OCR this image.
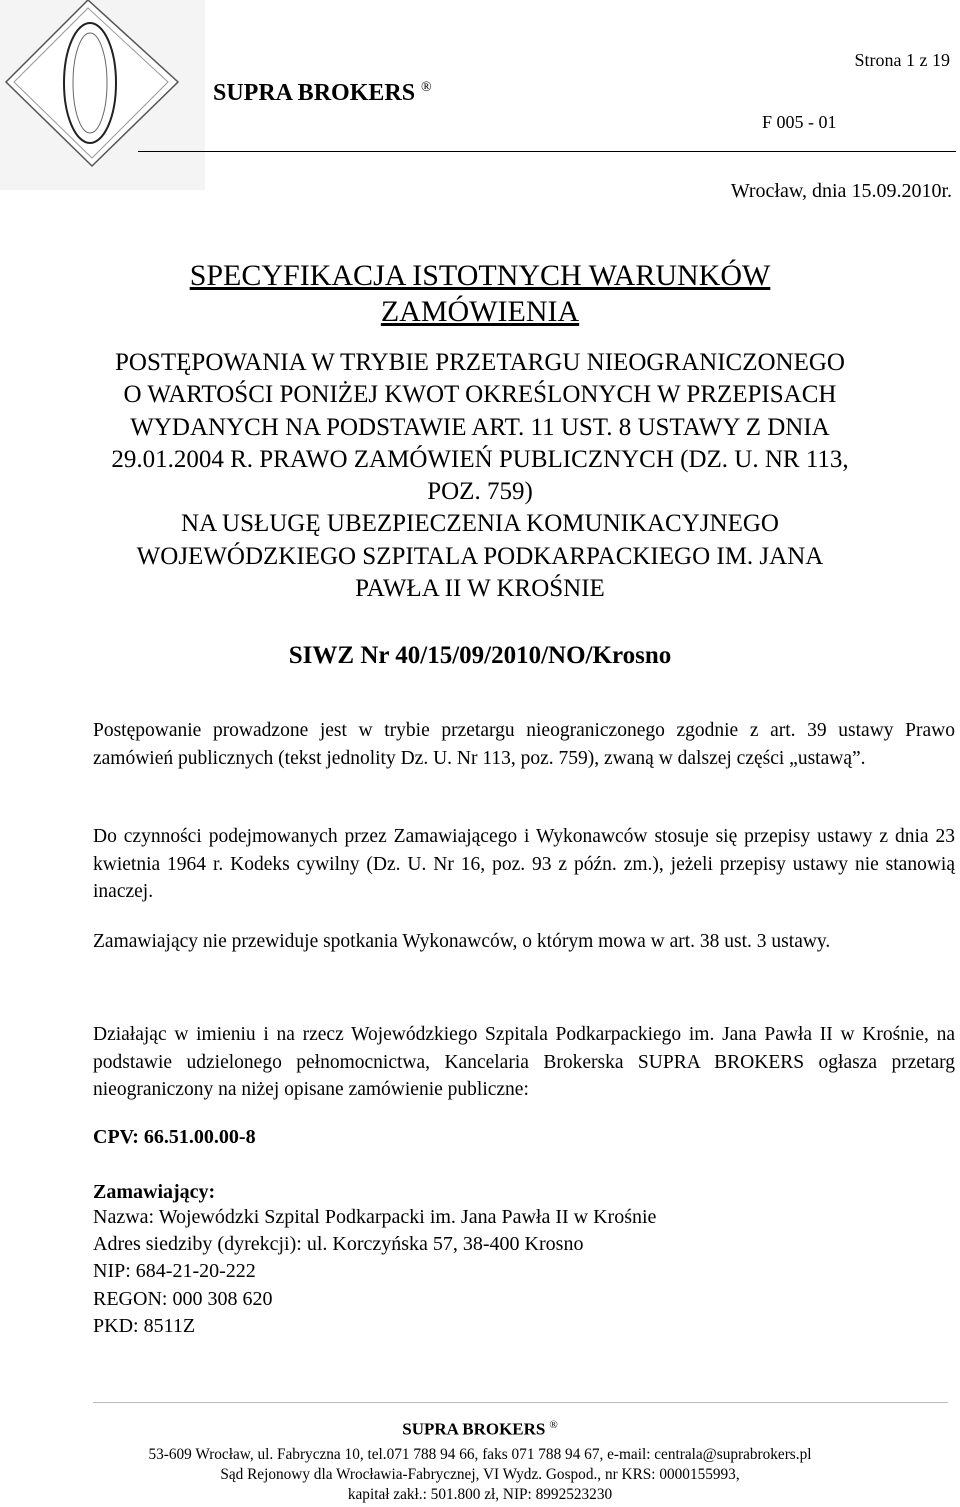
SUPRA BROKERS ®
Strona 1 z 19
F 005 - 01
Wrocław, dnia 15.09.2010r.
SPECYFIKACJA ISTOTNYCH WARUNKÓW
ZAMÓWIENIA
POSTĘPOWANIA W TRYBIE PRZETARGU NIEOGRANICZONEGO
O WARTOŚCI PONIŻEJ KWOT OKREŚLONYCH W PRZEPISACH
WYDANYCH NA PODSTAWIE ART. 11 UST. 8 USTAWY Z DNIA
29.01.2004 R. PRAWO ZAMÓWIEŃ PUBLICZNYCH (DZ. U. NR 113,
POZ. 759)
NA USŁUGĘ UBEZPIECZENIA KOMUNIKACYJNEGO
WOJEWÓDZKIEGO SZPITALA PODKARPACKIEGO IM. JANA
PAWŁA II W KROŚNIE
SIWZ Nr 40/15/09/2010/NO/Krosno
Postępowanie prowadzone jest w trybie przetargu nieograniczonego zgodnie z art. 39 ustawy Prawo zamówień publicznych (tekst jednolity Dz. U. Nr 113, poz. 759), zwaną w dalszej części „ustawą”.
Do czynności podejmowanych przez Zamawiającego i Wykonawców stosuje się przepisy ustawy z dnia 23 kwietnia 1964 r. Kodeks cywilny (Dz. U. Nr 16, poz. 93 z późn. zm.), jeżeli przepisy ustawy nie stanowią inaczej.
Zamawiający nie przewiduje spotkania Wykonawców, o którym mowa w art. 38 ust. 3 ustawy.
Działając w imieniu i na rzecz Wojewódzkiego Szpitala Podkarpackiego im. Jana Pawła II w Krośnie, na podstawie udzielonego pełnomocnictwa, Kancelaria Brokerska SUPRA BROKERS ogłasza przetarg nieograniczony na niżej opisane zamówienie publiczne:
CPV: 66.51.00.00-8
Zamawiający:
Nazwa: Wojewódzki Szpital Podkarpacki im. Jana Pawła II w Krośnie
Adres siedziby (dyrekcji): ul. Korczyńska 57, 38-400 Krosno
NIP: 684-21-20-222
REGON: 000 308 620
PKD: 8511Z
SUPRA BROKERS ®
53-609 Wrocław, ul. Fabryczna 10, tel.071 788 94 66, faks 071 788 94 67, e-mail: centrala@suprabrokers.pl
Sąd Rejonowy dla Wrocławia-Fabrycznej, VI Wydz. Gospod., nr KRS: 0000155993,
kapitał zakł.: 501.800 zł, NIP: 8992523230
